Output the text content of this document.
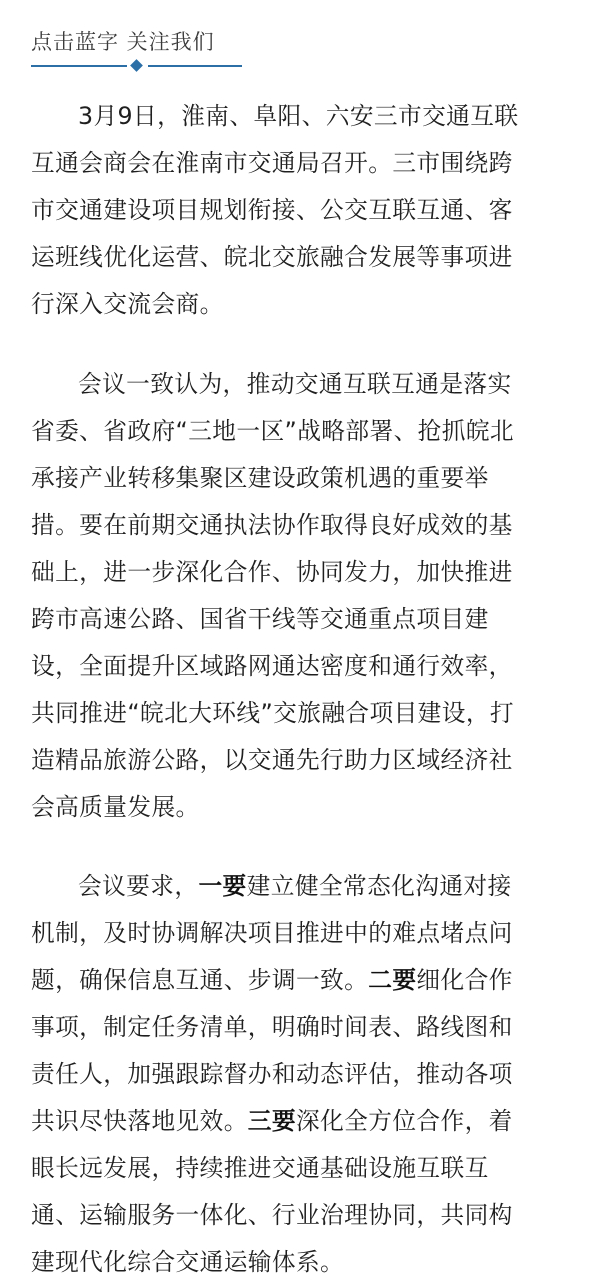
点击蓝字 关注我们
3月9日，淮南、阜阳、六安三市交通互联
互通会商会在淮南市交通局召开。三市围绕跨
市交通建设项目规划衔接、公交互联互通、客
运班线优化运营、皖北交旅融合发展等事项进
行深入交流会商。
会议一致认为，推动交通互联互通是落实
省委、省政府“三地一区”战略部署、抢抓皖北
承接产业转移集聚区建设政策机遇的重要举
措。要在前期交通执法协作取得良好成效的基
础上，进一步深化合作、协同发力，加快推进
跨市高速公路、国省干线等交通重点项目建
设，全面提升区域路网通达密度和通行效率，
共同推进“皖北大环线”交旅融合项目建设，打
造精品旅游公路，以交通先行助力区域经济社
会高质量发展。
会议要求，一要建立健全常态化沟通对接
机制，及时协调解决项目推进中的难点堵点问
题，确保信息互通、步调一致。二要细化合作
事项，制定任务清单，明确时间表、路线图和
责任人，加强跟踪督办和动态评估，推动各项
共识尽快落地见效。三要深化全方位合作，着
眼长远发展，持续推进交通基础设施互联互
通、运输服务一体化、行业治理协同，共同构
建现代化综合交通运输体系。
